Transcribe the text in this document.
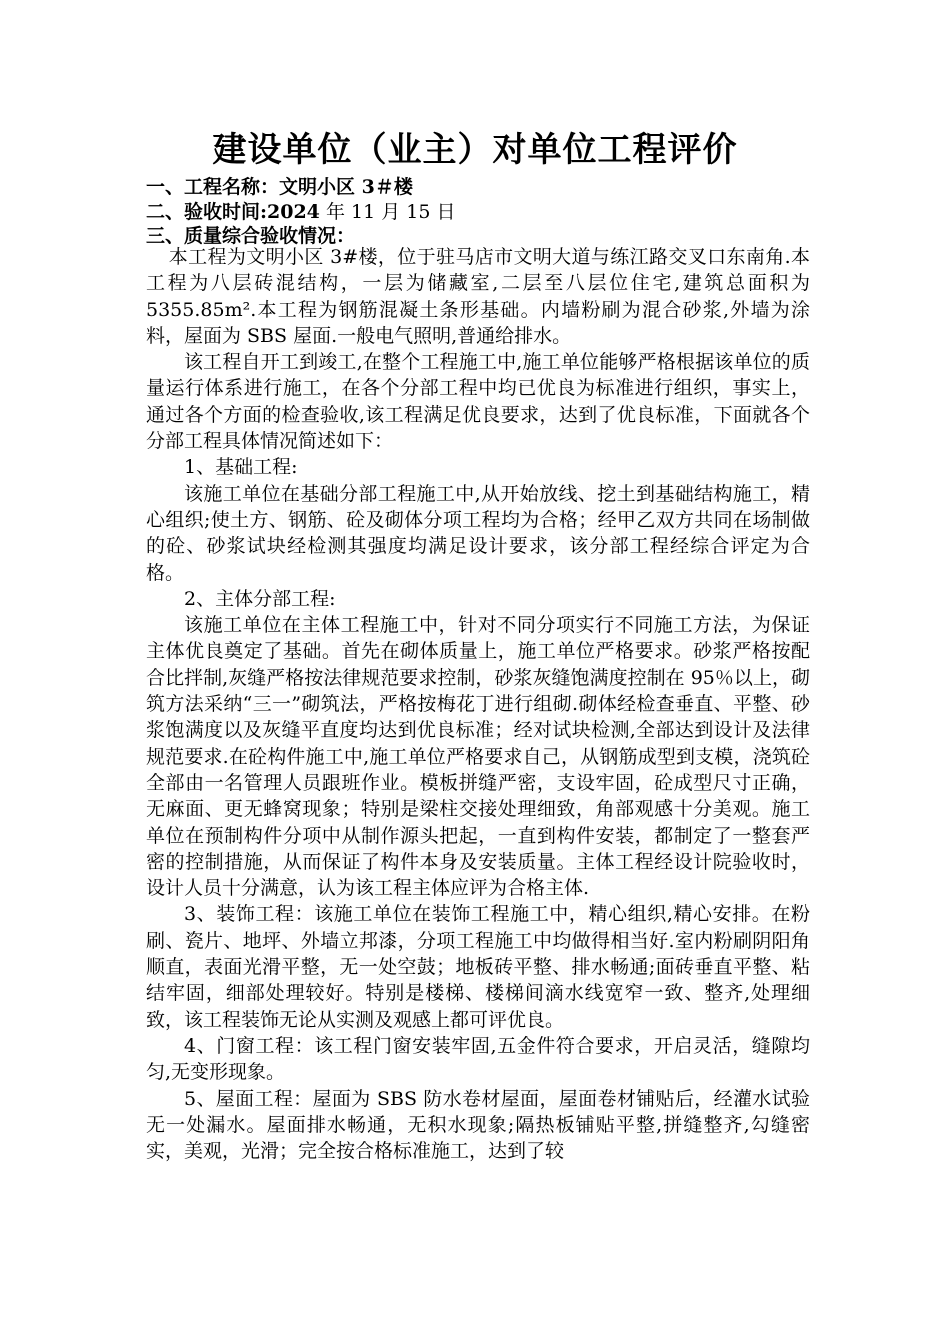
建设单位（业主）对单位工程评价
一、工程名称：文明小区 3＃楼
二、验收时间:2024 年 11 月 15 日
三、质量综合验收情况：

本工程为文明小区 3#楼，位于驻马店市文明大道与练江路交叉口东南角.本工程为八层砖混结构，一层为储藏室,二层至八层位住宅,建筑总面积为 5355.85m².本工程为钢筋混凝土条形基础。内墙粉刷为混合砂浆,外墙为涂料，屋面为 SBS 屋面.一般电气照明,普通给排水。

该工程自开工到竣工,在整个工程施工中,施工单位能够严格根据该单位的质量运行体系进行施工，在各个分部工程中均已优良为标准进行组织，事实上，通过各个方面的检查验收,该工程满足优良要求，达到了优良标准，下面就各个分部工程具体情况简述如下：

1、基础工程:

该施工单位在基础分部工程施工中,从开始放线、挖土到基础结构施工，精心组织;使土方、钢筋、砼及砌体分项工程均为合格；经甲乙双方共同在场制做的砼、砂浆试块经检测其强度均满足设计要求，该分部工程经综合评定为合格。

2、主体分部工程:

该施工单位在主体工程施工中，针对不同分项实行不同施工方法，为保证主体优良奠定了基础。首先在砌体质量上，施工单位严格要求。砂浆严格按配合比拌制,灰缝严格按法律规范要求控制，砂浆灰缝饱满度控制在 95％以上，砌筑方法采纳“三一”砌筑法，严格按梅花丁进行组砌.砌体经检查垂直、平整、砂浆饱满度以及灰缝平直度均达到优良标准；经对试块检测,全部达到设计及法律规范要求.在砼构件施工中,施工单位严格要求自己，从钢筋成型到支模，浇筑砼全部由一名管理人员跟班作业。模板拼缝严密，支设牢固，砼成型尺寸正确，无麻面、更无蜂窝现象；特别是梁柱交接处理细致，角部观感十分美观。施工单位在预制构件分项中从制作源头把起，一直到构件安装，都制定了一整套严密的控制措施，从而保证了构件本身及安装质量。主体工程经设计院验收时，设计人员十分满意，认为该工程主体应评为合格主体.

3、装饰工程：该施工单位在装饰工程施工中，精心组织,精心安排。在粉刷、瓷片、地坪、外墙立邦漆，分项工程施工中均做得相当好.室内粉刷阴阳角顺直，表面光滑平整，无一处空鼓；地板砖平整、排水畅通;面砖垂直平整、粘结牢固，细部处理较好。特别是楼梯、楼梯间滴水线宽窄一致、整齐,处理细致，该工程装饰无论从实测及观感上都可评优良。

4、门窗工程：该工程门窗安装牢固,五金件符合要求，开启灵活，缝隙均匀,无变形现象。

5、屋面工程：屋面为 SBS 防水卷材屋面，屋面卷材铺贴后，经灌水试验无一处漏水。屋面排水畅通，无积水现象;隔热板铺贴平整,拼缝整齐,勾缝密实，美观，光滑；完全按合格标准施工，达到了较
